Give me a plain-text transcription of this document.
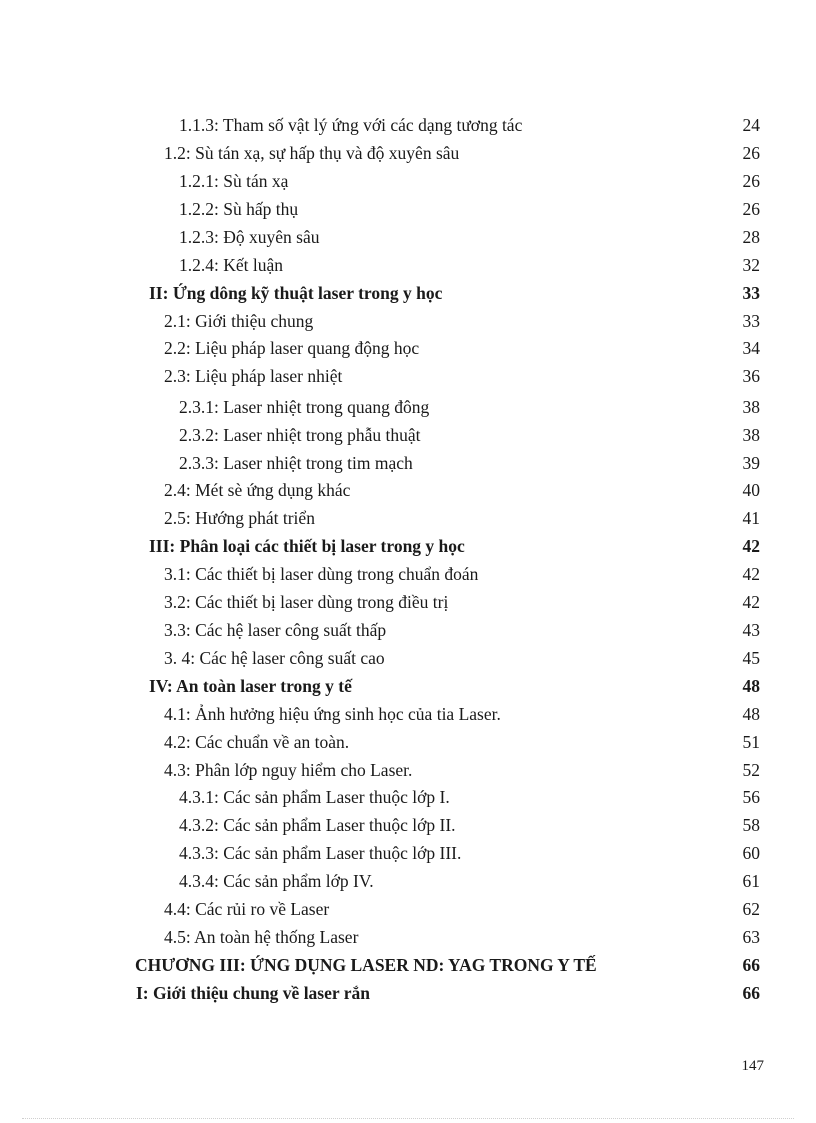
1.1.3: Tham số vật lý ứng với các dạng tương tác	24
1.2: Sù tán xạ, sự hấp thụ và độ xuyên sâu	26
1.2.1: Sù tán xạ	26
1.2.2: Sù hấp thụ	26
1.2.3: Độ xuyên sâu	28
1.2.4: Kết luận	32
II: Ứng dông kỹ thuật laser trong y học	33
2.1: Giới thiệu chung	33
2.2: Liệu pháp laser quang động học	34
2.3: Liệu pháp laser nhiệt	36
2.3.1: Laser nhiệt trong quang đông	38
2.3.2: Laser nhiệt trong phẫu thuật	38
2.3.3: Laser nhiệt trong tim mạch	39
2.4: Mét sè ứng dụng khác	40
2.5: Hướng phát triển	41
III: Phân loại các thiết bị laser trong y học	42
3.1: Các thiết bị laser dùng trong chuẩn đoán	42
3.2: Các thiết bị laser dùng trong điều trị	42
3.3: Các hệ laser công suất thấp	43
3. 4: Các hệ laser công suất cao	45
IV: An toàn laser trong y tế	48
4.1: Ảnh hưởng hiệu ứng sinh học của tia Laser.	48
4.2: Các chuẩn về an toàn.	51
4.3: Phân lớp nguy hiểm cho Laser.	52
4.3.1: Các sản phẩm Laser thuộc lớp I.	56
4.3.2: Các sản phẩm Laser thuộc lớp II.	58
4.3.3: Các sản phẩm Laser thuộc lớp III.	60
4.3.4: Các sản phẩm lớp IV.	61
4.4: Các rủi ro về Laser	62
4.5: An toàn hệ thống Laser	63
CHƯƠNG III: ỨNG DỤNG LASER ND: YAG TRONG Y TẾ	66
I: Giới thiệu chung về laser rắn	66
147
